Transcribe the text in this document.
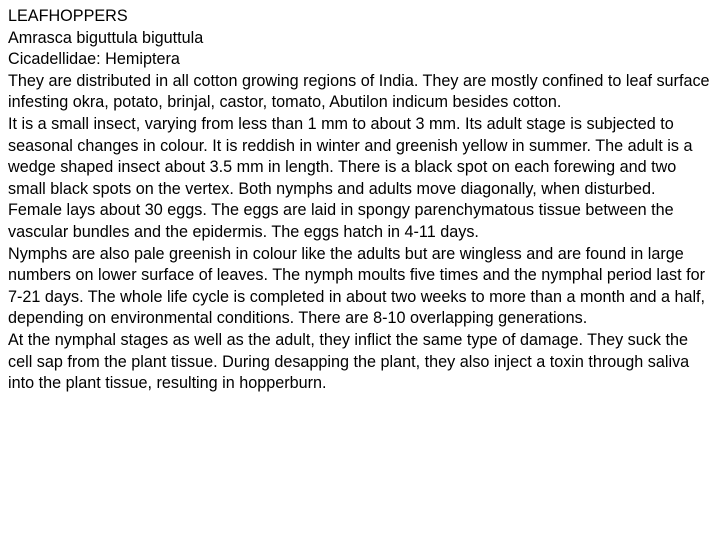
LEAFHOPPERS

Amrasca biguttula biguttula

Cicadellidae: Hemiptera

They are distributed in all cotton growing regions of India. They are mostly confined to leaf surface infesting okra, potato, brinjal, castor, tomato, Abutilon indicum besides cotton.

It is a small insect, varying from less than 1 mm to about 3 mm. Its adult stage is subjected to seasonal changes in colour. It is reddish in winter and greenish yellow in summer. The adult is a wedge shaped insect about 3.5 mm in length. There is a black spot on each forewing and two small black spots on the vertex. Both nymphs and adults move diagonally, when disturbed.

Female lays about 30 eggs. The eggs are laid in spongy parenchymatous tissue between the vascular bundles and the epidermis. The eggs hatch in 4-11 days.

Nymphs are also pale greenish in colour like the adults but are wingless and are found in large numbers on lower surface of leaves. The nymph moults five times and the nymphal period last for 7-21 days. The whole life cycle is completed in about two weeks to more than a month and a half, depending on environmental conditions. There are 8-10 overlapping generations.

At the nymphal stages as well as the adult, they inflict the same type of damage. They suck the cell sap from the plant tissue. During desapping the plant, they also inject a toxin through saliva into the plant tissue, resulting in hopperburn.
